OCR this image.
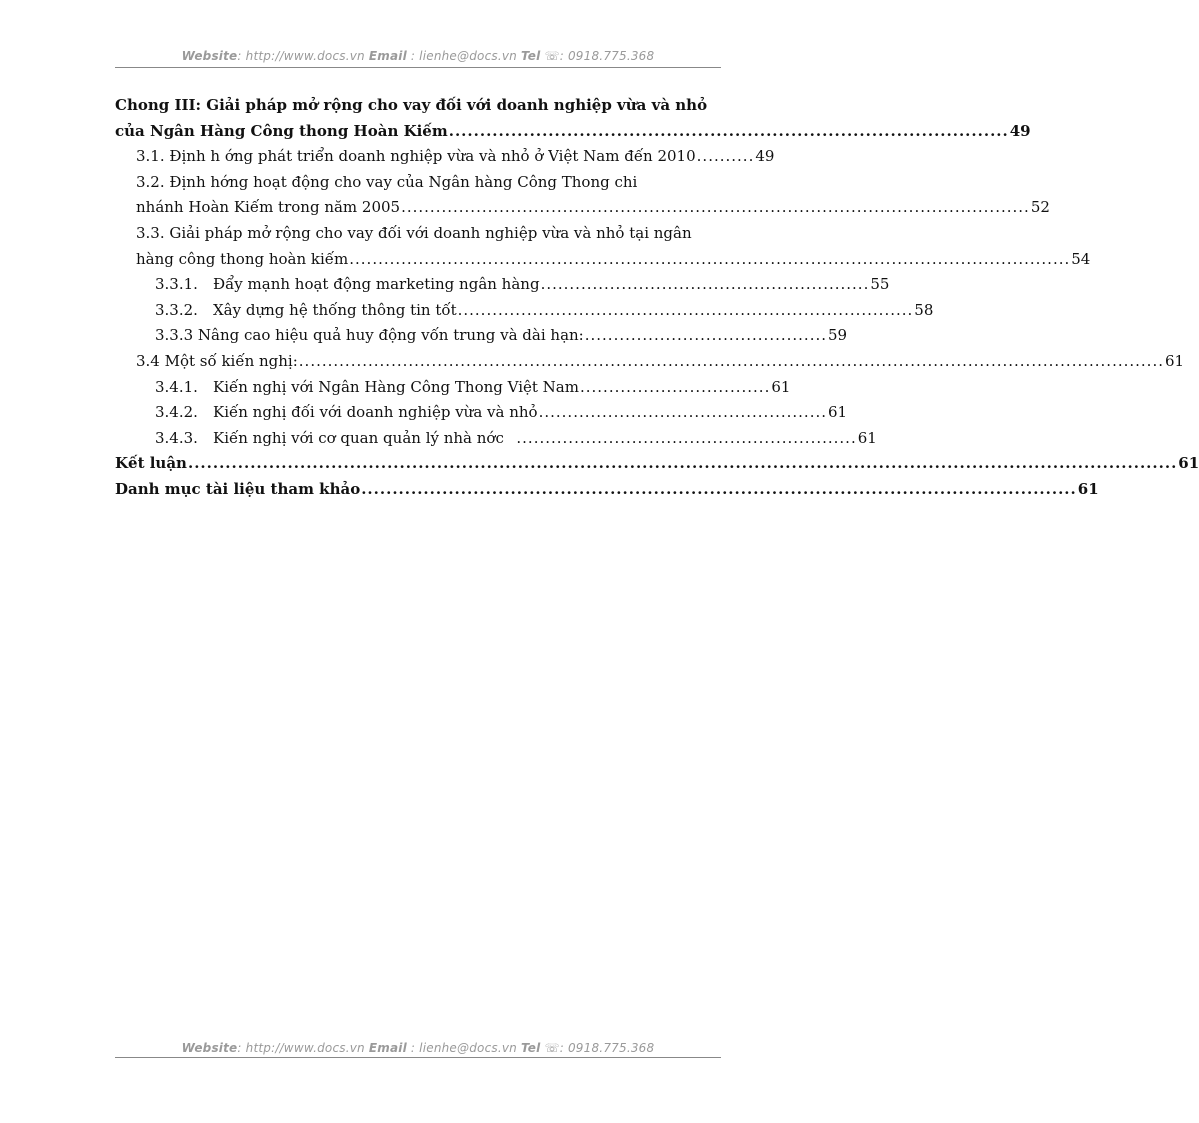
Website: http://www.docs.vn Email : lienhe@docs.vn Tel ☏: 0918.775.368
Chong III: Giải pháp mở rộng cho vay đối với doanh nghiệp vừa và nhỏ
của Ngân Hàng Công thong Hoàn Kiếm .......................................................................................... 49
3.1. Định h ớng phát triển doanh nghiệp vừa và nhỏ ở Việt Nam đến 2010 .......... 49
3.2. Định hớng hoạt động cho vay của Ngân hàng Công Thong chi
nhánh Hoàn Kiếm trong năm 2005 ............................................................................................................. 52
3.3. Giải pháp mở rộng cho vay đối với doanh nghiệp vừa và nhỏ tại ngân
hàng công thong hoàn kiếm ............................................................................................................................. 54
3.3.1. Đẩy mạnh hoạt động marketing ngân hàng ......................................................... 55
3.3.2. Xây dựng hệ thống thông tin tốt ............................................................................... 58
3.3.3 Nâng cao hiệu quả huy động vốn trung và dài hạn: .......................................... 59
3.4 Một số kiến nghị: ...................................................................................................................................................... 61
3.4.1. Kiến nghị với Ngân Hàng Công Thong Việt Nam ................................. 61
3.4.2. Kiến nghị đối với doanh nghiệp vừa và nhỏ .................................................. 61
3.4.3. Kiến nghị với cơ quan quản lý nhà nớc ........................................................... 61
Kết luận ............................................................................................................................................................... 61
Danh mục tài liệu tham khảo ................................................................................................................... 61
Website: http://www.docs.vn Email : lienhe@docs.vn Tel ☏: 0918.775.368
